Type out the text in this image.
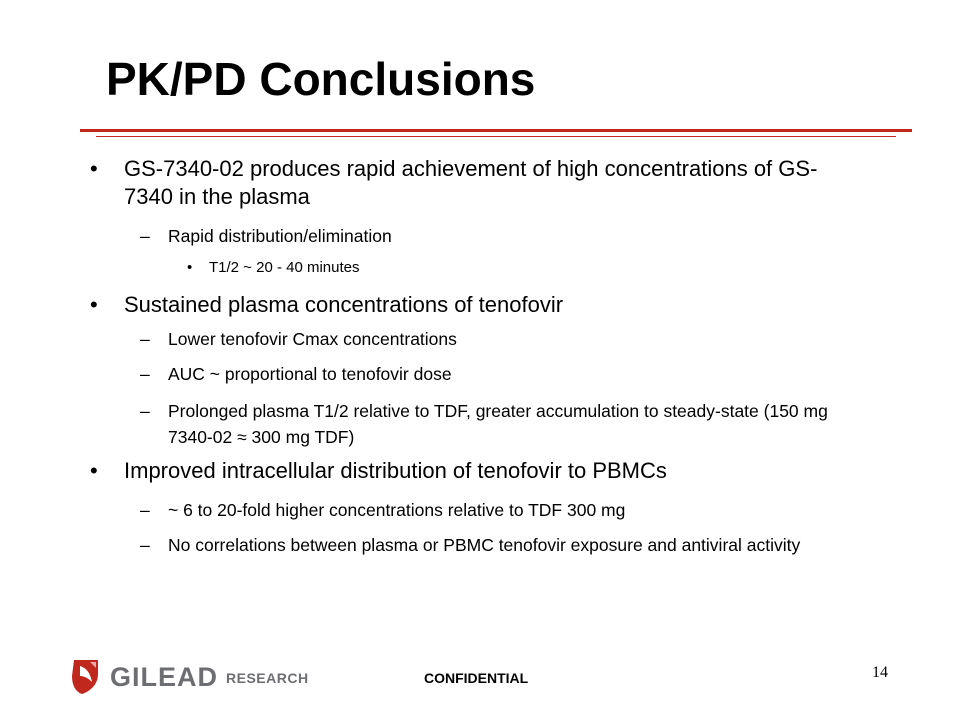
PK/PD Conclusions
• GS-7340-02 produces rapid achievement of high concentrations of GS-7340 in the plasma
– Rapid distribution/elimination
• T1/2 ~ 20 - 40 minutes
• Sustained plasma concentrations of tenofovir
– Lower tenofovir Cmax concentrations
– AUC ~ proportional to tenofovir dose
– Prolonged plasma T1/2 relative to TDF, greater accumulation to steady-state (150 mg 7340-02 ≈ 300 mg TDF)
• Improved intracellular distribution of tenofovir to PBMCs
– ~ 6 to 20-fold higher concentrations relative to TDF 300 mg
– No correlations between plasma or PBMC tenofovir exposure and antiviral activity
GILEAD RESEARCH	CONFIDENTIAL	14
